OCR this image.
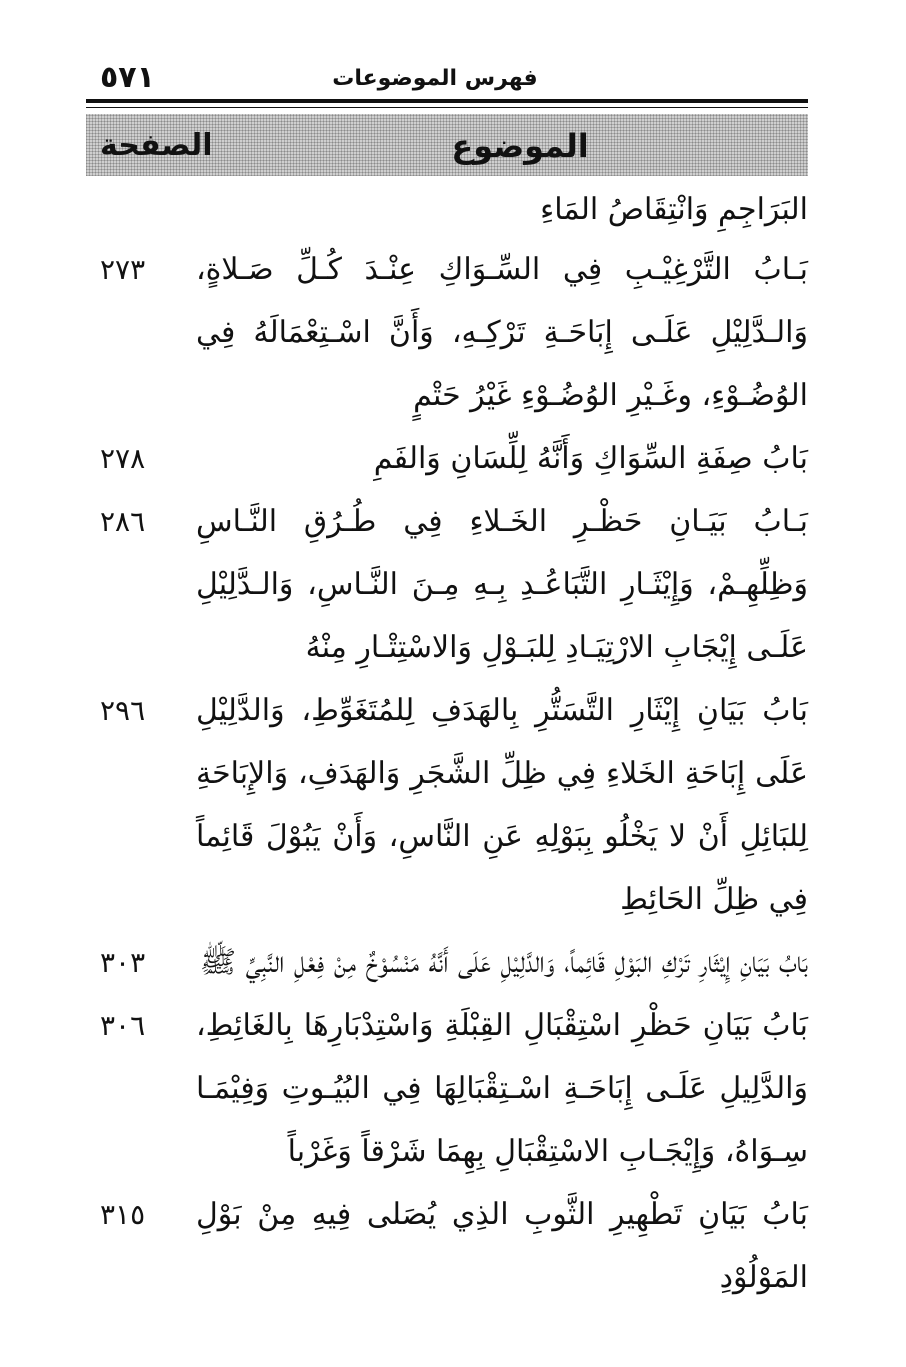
٥٧١	فهرس الموضوعات
الصفحة	الموضوع
البَرَاجِمِ وَانْتِقَاصُ المَاءِ
بَـابُ التَّرْغِيْـبِ فِي السِّـوَاكِ عِنْـدَ كُـلِّ صَـلاةٍ، وَالـدَّلِيْلِ عَلَـى إِبَاحَـةِ تَرْكِـهِ، وَأَنَّ اسْـتِعْمَالَهُ فِي الوُضُـوْءِ، وغَـيْرِ الوُضُـوْءِ غَيْرُ حَتْمٍ
٢٧٣
بَابُ صِفَةِ السِّوَاكِ وَأَنَّهُ لِلِّسَانِ وَالفَمِ
٢٧٨
بَـابُ بَيَـانِ حَظْـرِ الخَـلاءِ فِي طُـرُقِ النَّـاسِ وَظِلِّهِـمْ، وَإِيْثَـارِ التَّبَاعُـدِ بِـهِ مِـنَ النَّـاسِ، وَالـدَّلِيْلِ عَلَـى إِيْجَابِ الارْتِيَـادِ لِلبَـوْلِ وَالاسْتِتْـارِ مِنْهُ
٢٨٦
بَابُ بَيَانِ إِيْثَارِ التَّسَتُّرِ بِالهَدَفِ لِلمُتَغَوِّطِ، وَالدَّلِيْلِ عَلَى إِبَاحَةِ الخَلاءِ فِي ظِلِّ الشَّجَرِ وَالهَدَفِ، وَالإِبَاحَةِ لِلبَائِلِ أَنْ لا يَخْلُو بِبَوْلِهِ عَنِ النَّاسِ، وَأَنْ يَبُوْلَ قَائِماً فِي ظِلِّ الحَائِطِ
٢٩٦
بَابُ بَيَانِ إِيْثَارِ تَرْكِ البَوْلِ قَائِماً، وَالدَّلِيْلِ عَلَى أَنَّهُ مَنْسُوْخٌ مِنْ فِعْلِ النَّبِيِّ ﷺ
٣٠٣
بَابُ بَيَانِ حَظْرِ اسْتِقْبَالِ القِبْلَةِ وَاسْتِدْبَارِهَا بِالغَائِطِ، وَالدَّلِيلِ عَلَـى إِبَاحَـةِ اسْـتِقْبَالِهَا فِي البُيُـوتِ وَفِيْمَـا سِـوَاهُ، وَإِيْجَـابِ الاسْتِقْبَالِ بِهِمَا شَرْقاً وَغَرْباً
٣٠٦
بَابُ بَيَانِ تَطْهِيرِ الثَّوبِ الذِي يُصَلى فِيهِ مِنْ بَوْلِ المَوْلُوْدِ
٣١٥
